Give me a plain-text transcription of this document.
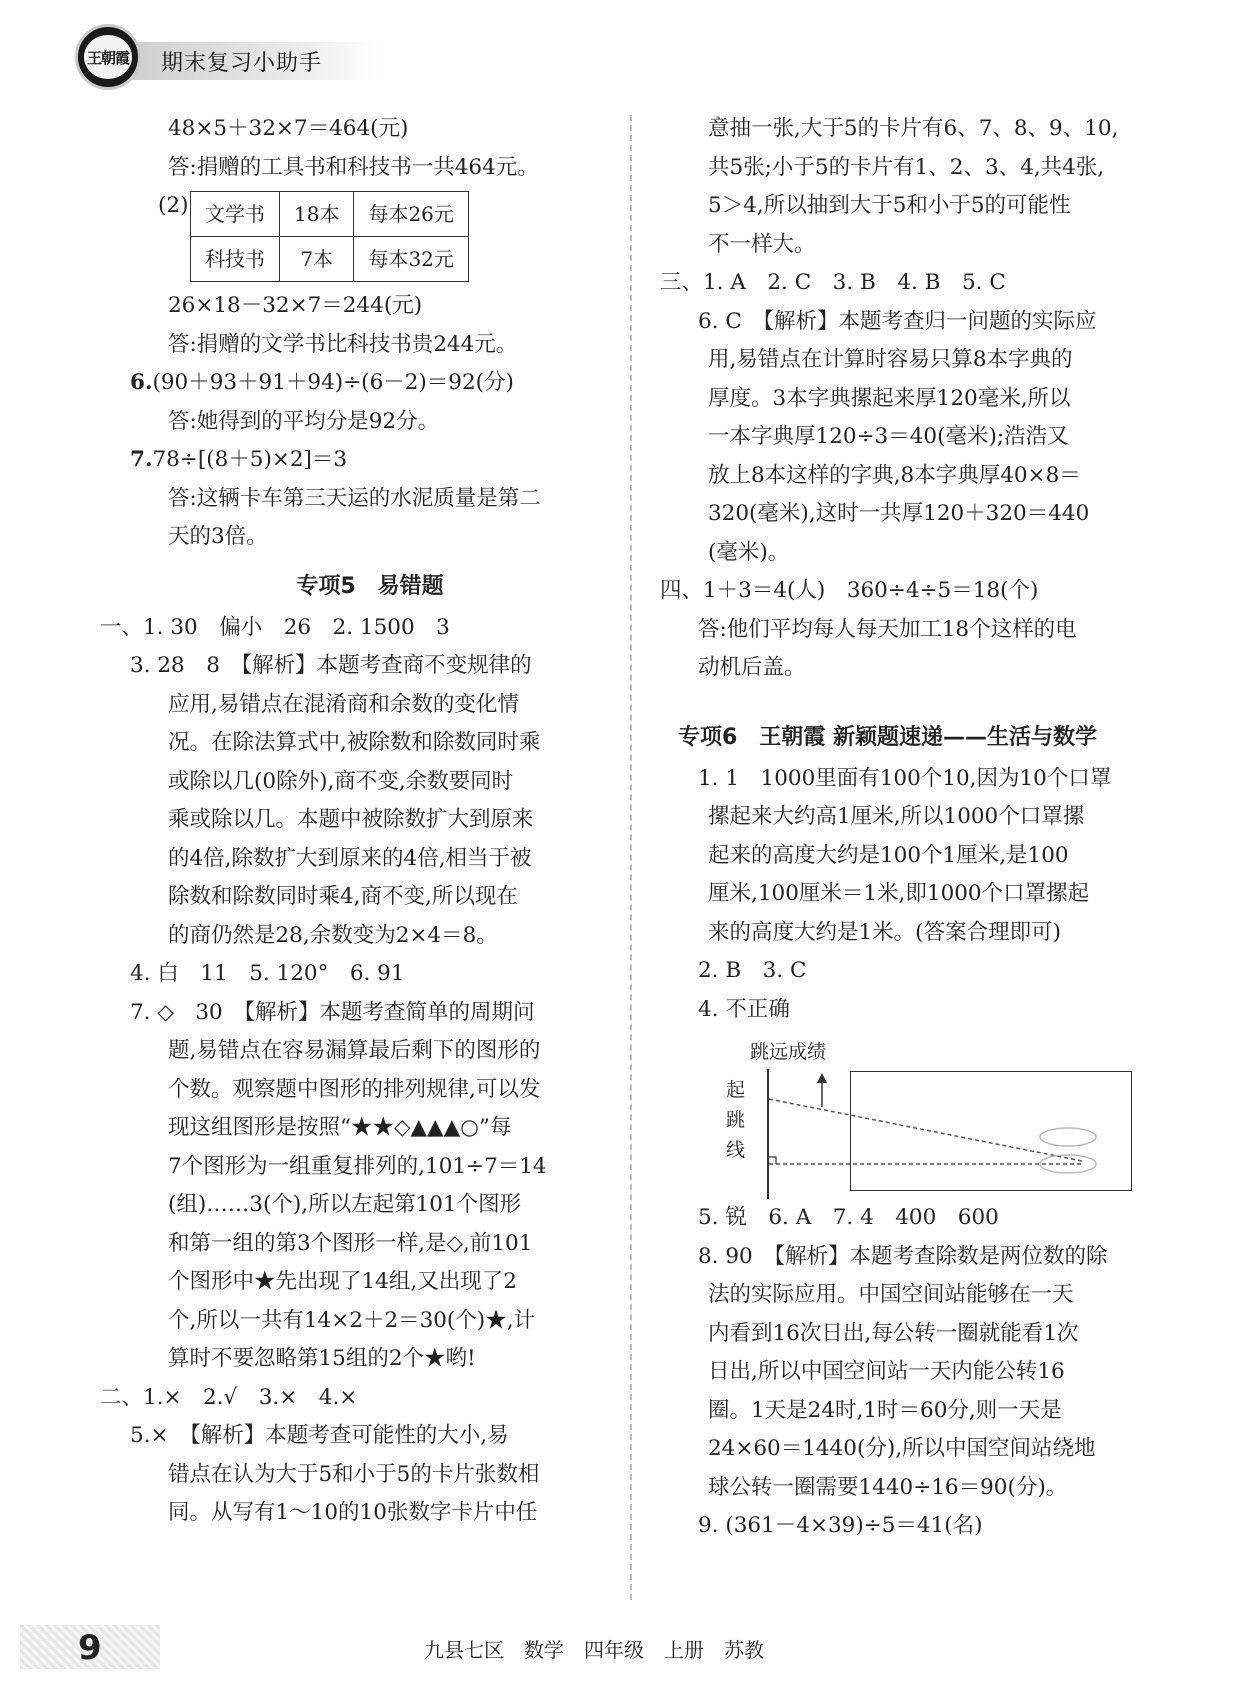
王朝霞 期末复习小助手
48×5＋32×7＝464(元)
答:捐赠的工具书和科技书一共464元。
(2) 文学书	18本	每本26元
科技书	7本	每本32元
26×18－32×7＝244(元)
答:捐赠的文学书比科技书贵244元。
6.(90＋93＋91＋94)÷(6－2)＝92(分)
答:她得到的平均分是92分。
7.78÷[(8＋5)×2]＝3
答:这辆卡车第三天运的水泥质量是第二
天的3倍。
专项5　易错题
一、1. 30　偏小　26　2. 1500　3
3. 28　8　【解析】本题考查商不变规律的
应用,易错点在混淆商和余数的变化情
况。在除法算式中,被除数和除数同时乘
或除以几(0除外),商不变,余数要同时
乘或除以几。本题中被除数扩大到原来
的4倍,除数扩大到原来的4倍,相当于被
除数和除数同时乘4,商不变,所以现在
的商仍然是28,余数变为2×4＝8。
4. 白　11　5. 120°　6. 91
7. ◇　30　【解析】本题考查简单的周期问
题,易错点在容易漏算最后剩下的图形的
个数。观察题中图形的排列规律,可以发
现这组图形是按照“★★◇▲▲▲○”每
7个图形为一组重复排列的,101÷7＝14
(组)……3(个),所以左起第101个图形
和第一组的第3个图形一样,是◇,前101
个图形中★先出现了14组,又出现了2
个,所以一共有14×2＋2＝30(个)★,计
算时不要忽略第15组的2个★哟!
二、1.×　2.√　3.×　4.×
5.×　【解析】本题考查可能性的大小,易
错点在认为大于5和小于5的卡片张数相
同。从写有1～10的10张数字卡片中任
意抽一张,大于5的卡片有6、7、8、9、10,
共5张;小于5的卡片有1、2、3、4,共4张,
5＞4,所以抽到大于5和小于5的可能性
不一样大。
三、1. A　2. C　3. B　4. B　5. C
6. C　【解析】本题考查归一问题的实际应
用,易错点在计算时容易只算8本字典的
厚度。3本字典摞起来厚120毫米,所以
一本字典厚120÷3＝40(毫米);浩浩又
放上8本这样的字典,8本字典厚40×8＝
320(毫米),这时一共厚120＋320＝440
(毫米)。
四、1＋3＝4(人)　360÷4÷5＝18(个)
答:他们平均每人每天加工18个这样的电
动机后盖。
专项6　王朝霞 新颖题速递——生活与数学
1. 1　1000里面有100个10,因为10个口罩
摞起来大约高1厘米,所以1000个口罩摞
起来的高度大约是100个1厘米,是100
厘米,100厘米＝1米,即1000个口罩摞起
来的高度大约是1米。(答案合理即可)
2. B　3. C
4. 不正确
跳远成绩
起
跳
线
5. 锐　6. A　7. 4　400　600
8. 90　【解析】本题考查除数是两位数的除
法的实际应用。中国空间站能够在一天
内看到16次日出,每公转一圈就能看1次
日出,所以中国空间站一天内能公转16
圈。1天是24时,1时＝60分,则一天是
24×60＝1440(分),所以中国空间站绕地
球公转一圈需要1440÷16＝90(分)。
9. (361－4×39)÷5＝41(名)
9	九县七区　数学　四年级　上册　苏教
